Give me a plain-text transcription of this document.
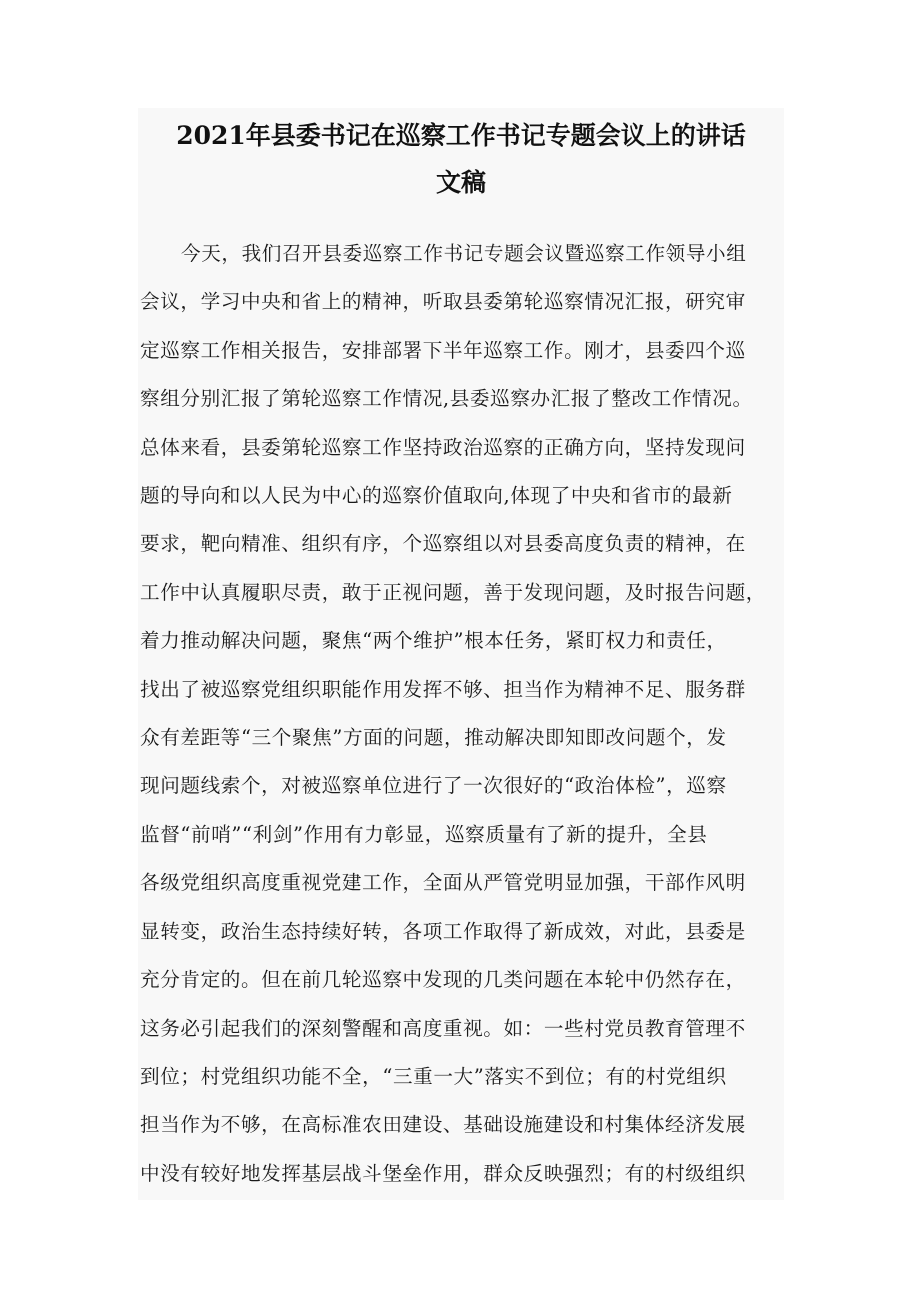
2021年县委书记在巡察工作书记专题会议上的讲话
文稿
今天，我们召开县委巡察工作书记专题会议暨巡察工作领导小组
会议，学习中央和省上的精神，听取县委第轮巡察情况汇报，研究审
定巡察工作相关报告，安排部署下半年巡察工作。刚才，县委四个巡
察组分别汇报了第轮巡察工作情况,县委巡察办汇报了整改工作情况。
总体来看，县委第轮巡察工作坚持政治巡察的正确方向，坚持发现问
题的导向和以人民为中心的巡察价值取向,体现了中央和省市的最新
要求，靶向精准、组织有序，个巡察组以对县委高度负责的精神，在
工作中认真履职尽责，敢于正视问题，善于发现问题，及时报告问题，
着力推动解决问题，聚焦“两个维护”根本任务，紧盯权力和责任，
找出了被巡察党组织职能作用发挥不够、担当作为精神不足、服务群
众有差距等“三个聚焦”方面的问题，推动解决即知即改问题个，发
现问题线索个，对被巡察单位进行了一次很好的“政治体检”，巡察
监督“前哨”“利剑”作用有力彰显，巡察质量有了新的提升，全县
各级党组织高度重视党建工作，全面从严管党明显加强，干部作风明
显转变，政治生态持续好转，各项工作取得了新成效，对此，县委是
充分肯定的。但在前几轮巡察中发现的几类问题在本轮中仍然存在，
这务必引起我们的深刻警醒和高度重视。如：一些村党员教育管理不
到位；村党组织功能不全，“三重一大”落实不到位；有的村党组织
担当作为不够，在高标准农田建设、基础设施建设和村集体经济发展
中没有较好地发挥基层战斗堡垒作用，群众反映强烈；有的村级组织
